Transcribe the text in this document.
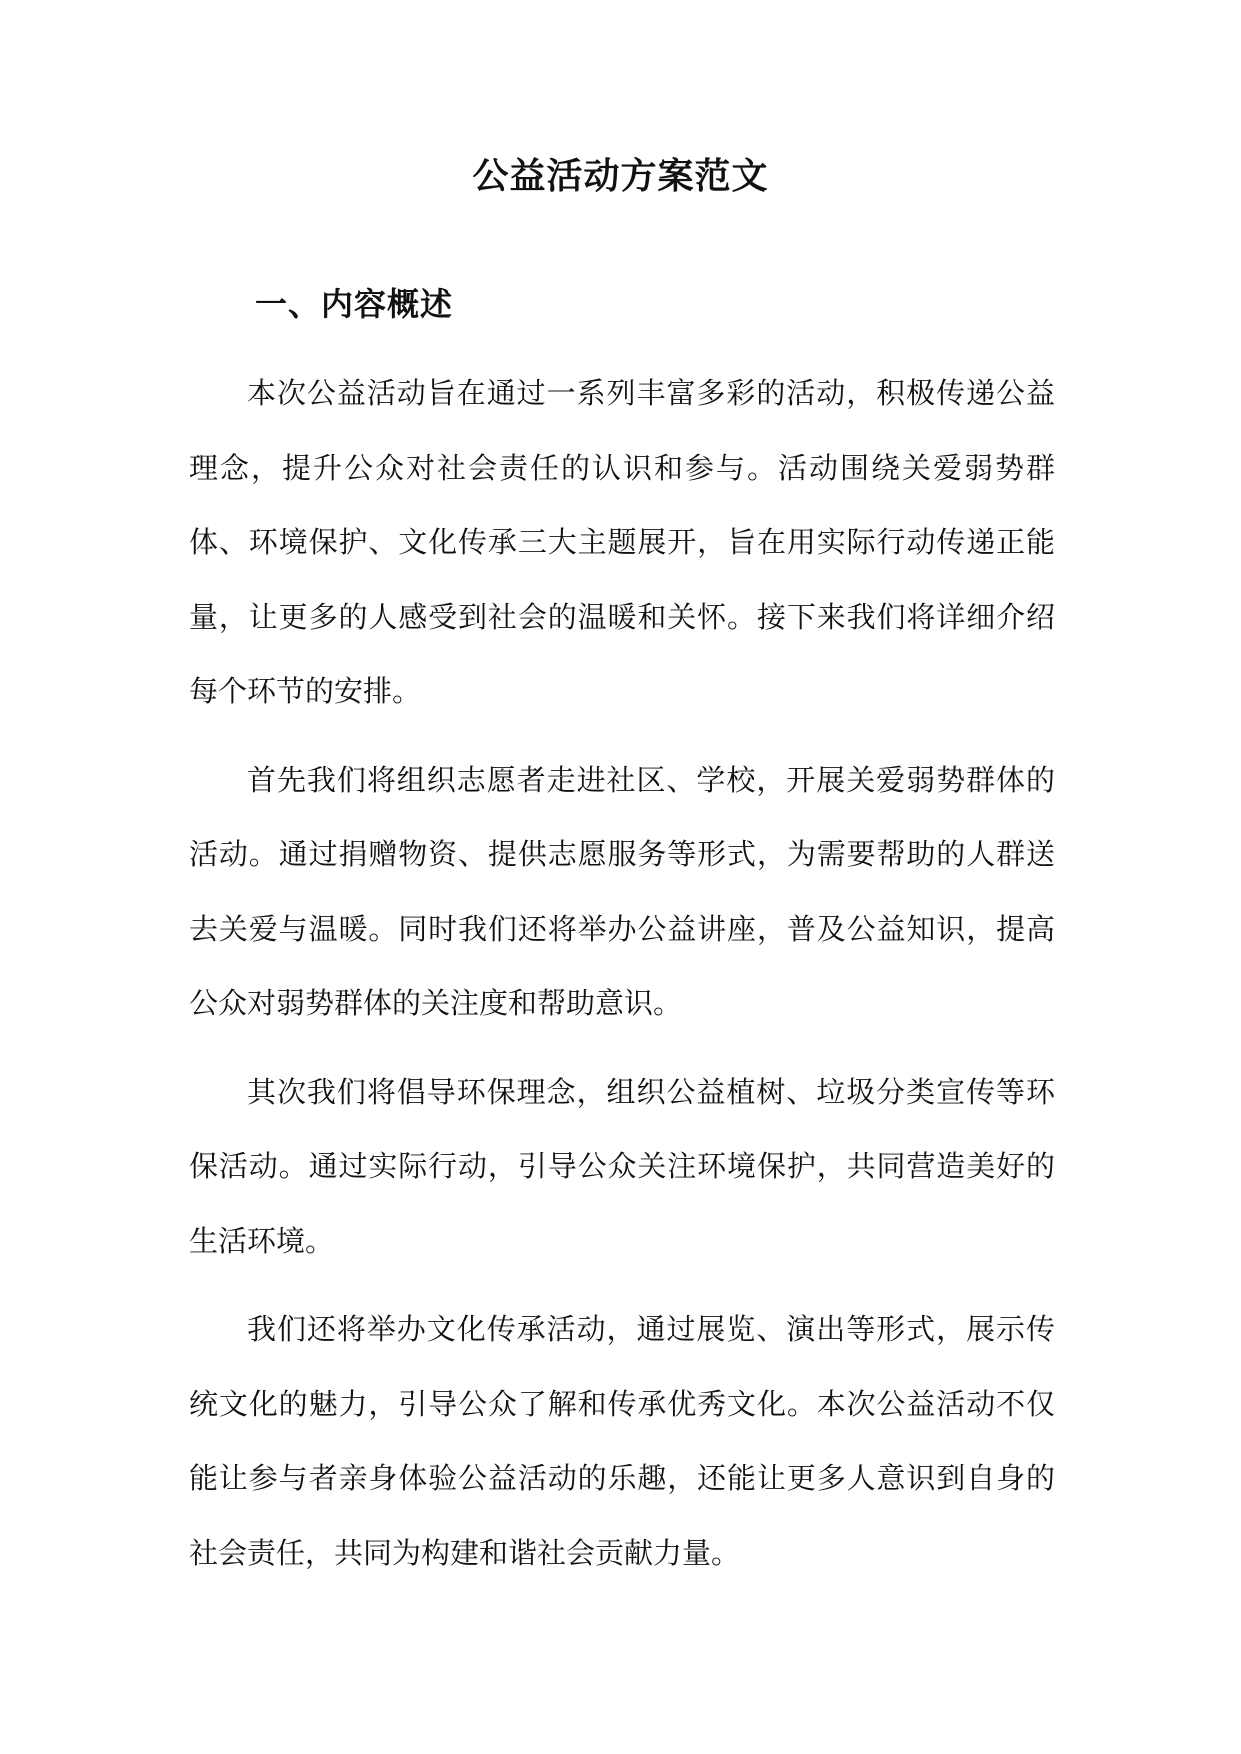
公益活动方案范文
一、内容概述

本次公益活动旨在通过一系列丰富多彩的活动，积极传递公益理念，提升公众对社会责任的认识和参与。活动围绕关爱弱势群体、环境保护、文化传承三大主题展开，旨在用实际行动传递正能量，让更多的人感受到社会的温暖和关怀。接下来我们将详细介绍每个环节的安排。

首先我们将组织志愿者走进社区、学校，开展关爱弱势群体的活动。通过捐赠物资、提供志愿服务等形式，为需要帮助的人群送去关爱与温暖。同时我们还将举办公益讲座，普及公益知识，提高公众对弱势群体的关注度和帮助意识。

其次我们将倡导环保理念，组织公益植树、垃圾分类宣传等环保活动。通过实际行动，引导公众关注环境保护，共同营造美好的生活环境。

我们还将举办文化传承活动，通过展览、演出等形式，展示传统文化的魅力，引导公众了解和传承优秀文化。本次公益活动不仅能让参与者亲身体验公益活动的乐趣，还能让更多人意识到自身的社会责任，共同为构建和谐社会贡献力量。
